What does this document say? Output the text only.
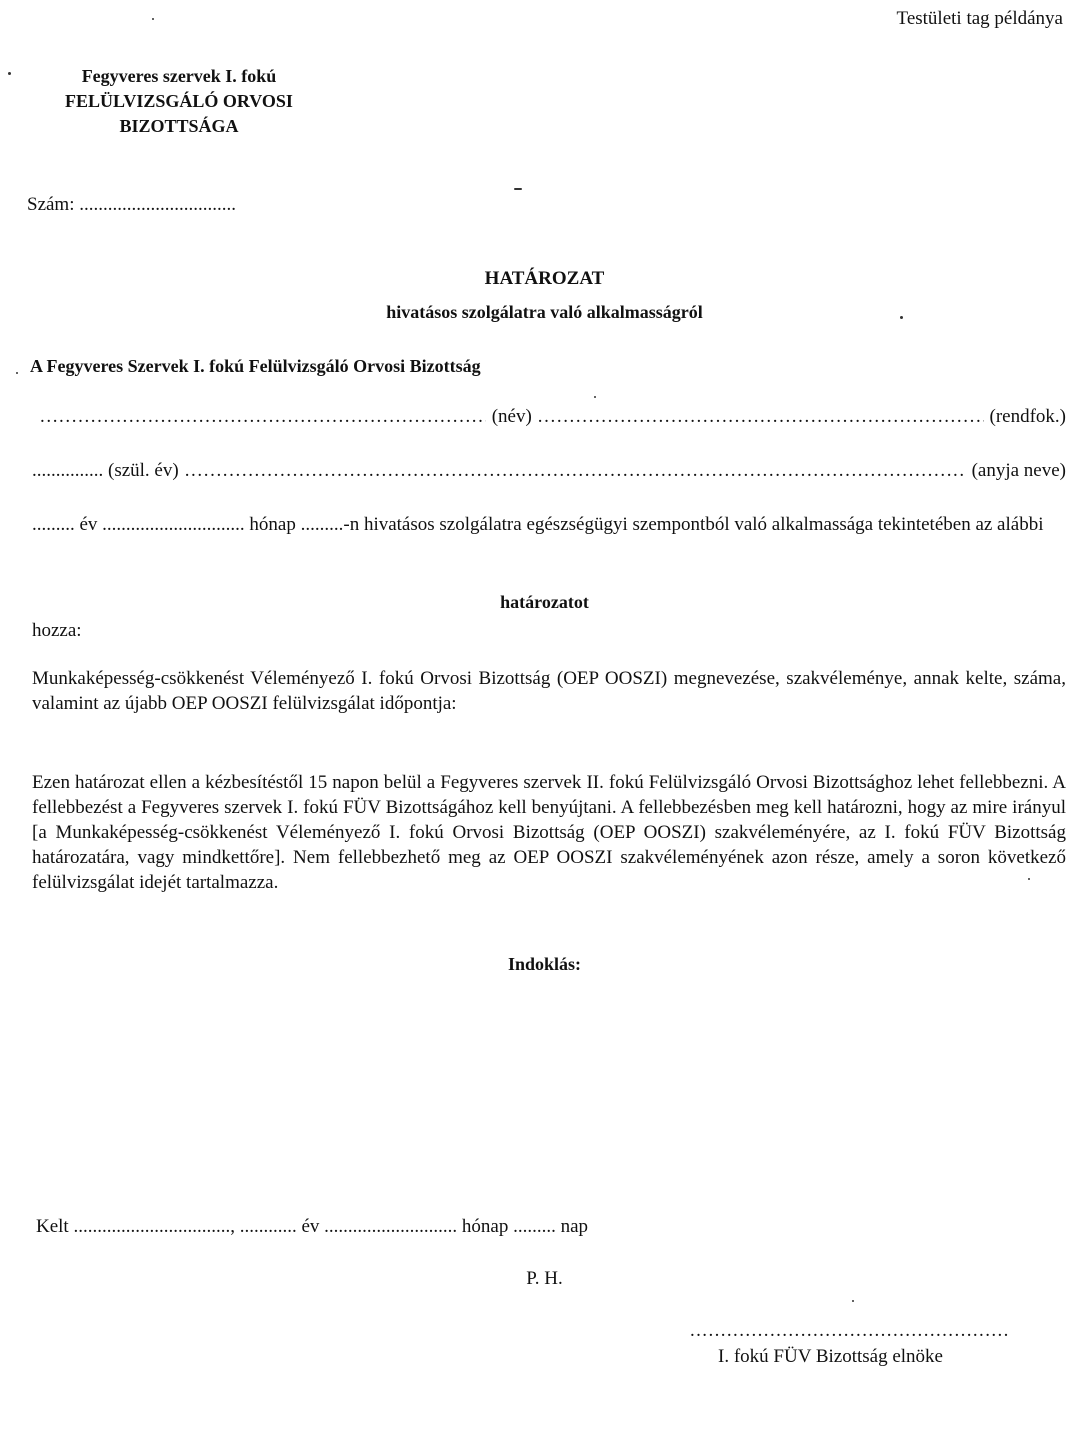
Testületi tag példánya
Fegyveres szervek I. fokú
FELÜLVIZSGÁLÓ ORVOSI
BIZOTTSÁGA
Szám: .................................
HATÁROZAT
hivatásos szolgálatra való alkalmasságról
A Fegyveres Szervek I. fokú Felülvizsgáló Orvosi Bizottság
.....
(név) .....	(rendfok.)
............... (szül. év) .....	(anyja neve)
......... év .............................. hónap .........-n hivatásos szolgálatra egészségügyi szempontból való alkalmassága tekintetében az alábbi
határozatot
hozza:
Munkaképesség-csökkenést Véleményező I. fokú Orvosi Bizottság (OEP OOSZI) megnevezése, szakvéleménye, annak kelte, száma, valamint az újabb OEP OOSZI felülvizsgálat időpontja:
Ezen határozat ellen a kézbesítéstől 15 napon belül a Fegyveres szervek II. fokú Felülvizsgáló Orvosi Bizottsághoz lehet fellebbezni. A fellebbezést a Fegyveres szervek I. fokú FÜV Bizottságához kell benyújtani. A fellebbezésben meg kell határozni, hogy az mire irányul [a Munkaképesség-csökkenést Véleményező I. fokú Orvosi Bizottság (OEP OOSZI) szakvéleményére, az I. fokú FÜV Bizottság határozatára, vagy mindkettőre]. Nem fellebbezhető meg az OEP OOSZI szakvéleményének azon része, amely a soron következő felülvizsgálat idejét tartalmazza.
Indoklás:
Kelt ................................., ............ év ............................ hónap ......... nap
P. H.
.....
I. fokú FÜV Bizottság elnöke
